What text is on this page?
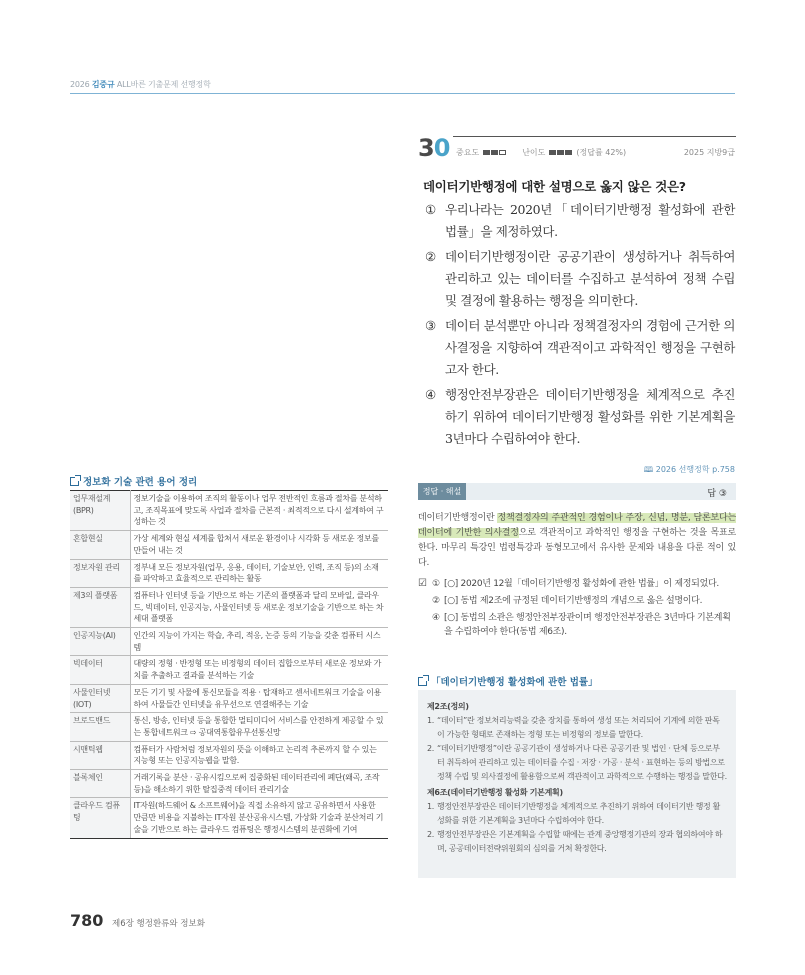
2026 김중규 ALL바른 기출문제 선행정학
30 중요도	난이도	(정답률 42%)	2025 지방9급
데이터기반행정에 대한 설명으로 옳지 않은 것은?
① 우리나라는 2020년「데이터기반행정 활성화에 관한 법률」을 제정하였다.
② 데이터기반행정이란 공공기관이 생성하거나 취득하여 관리하고 있는 데이터를 수집하고 분석하여 정책 수립 및 결정에 활용하는 행정을 의미한다.
③ 데이터 분석뿐만 아니라 정책결정자의 경험에 근거한 의사결정을 지향하여 객관적이고 과학적인 행정을 구현하고자 한다.
④ 행정안전부장관은 데이터기반행정을 체계적으로 추진하기 위하여 데이터기반행정 활성화를 위한 기본계획을 3년마다 수립하여야 한다.
🕮 2026 선행정학 p.758
정답 · 해설	답 ③
데이터기반행정이란 정책결정자의 주관적인 경험이나 주장, 신념, 명분, 담론보다는 데이터에 기반한 의사결정으로 객관적이고 과학적인 행정을 구현하는 것을 목표로 한다. 마무리 특강인 법령특강과 동형모고에서 유사한 문제와 내용을 다룬 적이 있다.
☑ ① [○] 2020년 12월「데이터기반행정 활성화에 관한 법률」이 제정되었다.
② [○] 동법 제2조에 규정된 데이터기반행정의 개념으로 옳은 설명이다.
④ [○] 동법의 소관은 행정안전부장관이며 행정안전부장관은 3년마다 기본계획을 수립하여야 한다(동법 제6조).
「데이터기반행정 활성화에 관한 법률」
제2조(정의)
1. “데이터”란 정보처리능력을 갖춘 장치를 통하여 생성 또는 처리되어 기계에 의한 판독이 가능한 형태로 존재하는 정형 또는 비정형의 정보를 말한다.
2. “데이터기반행정”이란 공공기관이 생성하거나 다른 공공기관 및 법인 · 단체 등으로부터 취득하여 관리하고 있는 데이터를 수집 · 저장 · 가공 · 분석 · 표현하는 등의 방법으로 정책 수립 및 의사결정에 활용함으로써 객관적이고 과학적으로 수행하는 행정을 말한다.
제6조(데이터기반행정 활성화 기본계획)
1. 행정안전부장관은 데이터기반행정을 체계적으로 추진하기 위하여 데이터기반 행정 활성화를 위한 기본계획을 3년마다 수립하여야 한다.
2. 행정안전부장관은 기본계획을 수립할 때에는 관계 중앙행정기관의 장과 협의하여야 하며, 공공데이터전략위원회의 심의를 거쳐 확정한다.
정보화 기술 관련 용어 정리
업무재설계 (BPR)	정보기술을 이용하여 조직의 활동이나 업무 전반적인 흐름과 절차를 분석하고, 조직목표에 맞도록 사업과 절차를 근본적 · 최적적으로 다시 설계하여 구성하는 것
혼합현실	가상 세계와 현실 세계를 합쳐서 새로운 환경이나 시각화 등 새로운 정보를 만들어 내는 것
정보자원 관리	정부내 모든 정보자원(업무, 응용, 데이터, 기술보안, 인력, 조직 등)의 소재를 파악하고 효율적으로 관리하는 활동
제3의 플랫폼	컴퓨터나 인터넷 등을 기반으로 하는 기존의 플랫폼과 달리 모바일, 클라우드, 빅데이터, 인공지능, 사물인터넷 등 새로운 정보기술을 기반으로 하는 차세대 플랫폼
인공지능(AI)	인간의 지능이 가지는 학습, 추리, 적응, 논증 등의 기능을 갖춘 컴퓨터 시스템
빅데이터	대량의 정형 · 반정형 또는 비정형의 데이터 집합으로부터 새로운 정보와 가치를 추출하고 결과를 분석하는 기술
사물인터넷 (IOT)	모든 기기 및 사물에 통신모듈을 적용 · 탑재하고 센서네트워크 기술을 이용하여 사물들간 인터넷을 유무선으로 연결해주는 기술
브로드밴드	통신, 방송, 인터넷 등을 통합한 멀티미디어 서비스를 안전하게 제공할 수 있는 통합네트워크 ⇨ 공대역통합유무선통신망
시맨틱웹	컴퓨터가 사람처럼 정보자원의 뜻을 이해하고 논리적 추론까지 할 수 있는 지능형 또는 인공지능웹을 말함.
블록체인	거래기록을 분산 · 공유시킴으로써 집중화된 데이터관리에 폐단(왜곡, 조작 등)을 해소하기 위한 탈집중적 데이터 관리기술
클라우드 컴퓨팅	IT자원(하드웨어 & 소프트웨어)을 직접 소유하지 않고 공유하면서 사용한 만큼만 비용을 지불하는 IT자원 분산공유시스템, 가상화 기술과 분산처리 기술을 기반으로 하는 클라우드 컴퓨팅은 행정시스템의 분권화에 기여
780 제6장 행정환류와 정보화
